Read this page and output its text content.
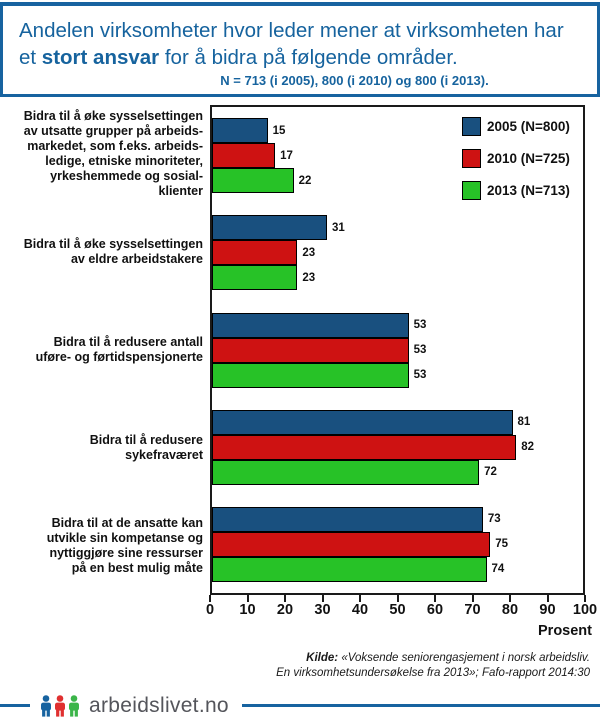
Andelen virksomheter hvor leder mener at virksomheten har
et stort ansvar for å bidra på følgende områder.
N = 713 (i 2005), 800 (i 2010) og 800 (i 2013).
Bidra til å øke sysselsettingen
av utsatte grupper på arbeids-
markedet, som f.eks. arbeids-
ledige, etniske minoriteter,
yrkeshemmede og sosial-
klienter
Bidra til å øke sysselsettingen
av eldre arbeidstakere
Bidra til å redusere antall
uføre- og førtidspensjonerte
Bidra til å redusere
sykefraværet
Bidra til at de ansatte kan
utvikle sin kompetanse og
nyttiggjøre sine ressurser
på en best mulig måte
2005 (N=800)
2010 (N=725)
2013 (N=713)
15
17
22
31
23
23
53
53
53
81
82
72
73
75
74
0 10 20 30 40 50 60 70 80 90 100
Prosent
Kilde: «Voksende seniorengasjement i norsk arbeidsliv.
En virksomhetsundersøkelse fra 2013»; Fafo-rapport 2014:30
arbeidslivet.no
